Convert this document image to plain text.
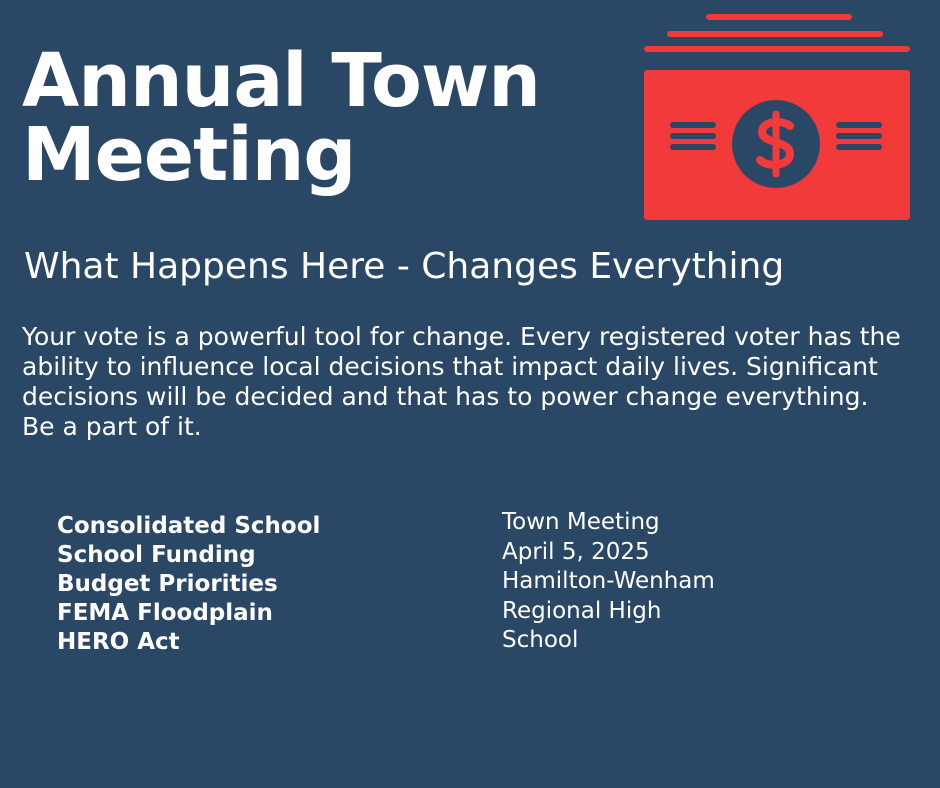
Annual Town
Meeting

What Happens Here - Changes Everything

Your vote is a powerful tool for change. Every registered voter has the ability to influence local decisions that impact daily lives. Significant decisions will be decided and that has to power change everything. Be a part of it.

Consolidated School
School Funding
Budget Priorities
FEMA Floodplain
HERO Act
Town Meeting
April 5, 2025
Hamilton-Wenham
Regional High
School
